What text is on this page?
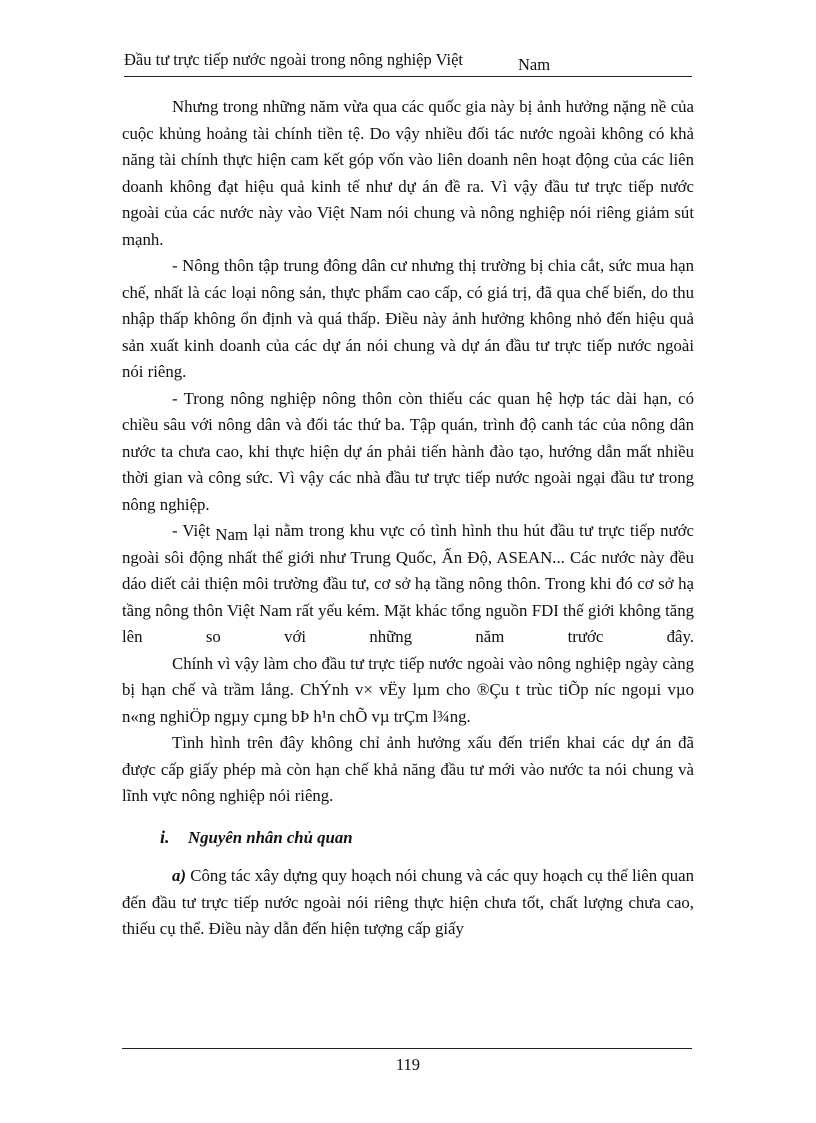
Đầu tư trực tiếp nước ngoài trong nông nghiệp Việt	Nam

Nhưng trong những năm vừa qua các quốc gia này bị ảnh hưởng nặng nề của cuộc khủng hoảng tài chính tiền tệ. Do vậy nhiều đối tác nước ngoài không có khả năng tài chính thực hiện cam kết góp vốn vào liên doanh nên hoạt động của các liên doanh không đạt hiệu quả kinh tế như dự án đề ra. Vì vậy đầu tư trực tiếp nước ngoài của các nước này vào Việt Nam nói chung và nông nghiệp nói riêng giảm sút mạnh.

- Nông thôn tập trung đông dân cư nhưng thị trường bị chia cắt, sức mua hạn chế, nhất là các loại nông sản, thực phẩm cao cấp, có giá trị, đã qua chế biến, do thu nhập thấp không ổn định và quá thấp. Điều này ảnh hưởng không nhỏ đến hiệu quả sản xuất kinh doanh của các dự án nói chung và dự án đầu tư trực tiếp nước ngoài nói riêng.

- Trong nông nghiệp nông thôn còn thiếu các quan hệ hợp tác dài hạn, có chiều sâu với nông dân và đối tác thứ ba. Tập quán, trình độ canh tác của nông dân nước ta chưa cao, khi thực hiện dự án phải tiến hành đào tạo, hướng dẫn mất nhiều thời gian và công sức. Vì vậy các nhà đầu tư trực tiếp nước ngoài ngại đầu tư trong nông nghiệp.

- Việt Nam lại nằm trong khu vực có tình hình thu hút đầu tư trực tiếp nước ngoài sôi động nhất thế giới như Trung Quốc, Ấn Độ, ASEAN... Các nước này đều dáo diết cải thiện môi trường đầu tư, cơ sở hạ tầng nông thôn. Trong khi đó cơ sở hạ tầng nông thôn Việt Nam rất yếu kém. Mặt khác tổng nguồn FDI thế giới không tăng lên so với những năm trước đây.

Chính vì vậy làm cho đầu tư trực tiếp nước ngoài vào nông nghiệp ngày càng bị hạn chế và trầm lắng. ChÝnh v× vËy lµm cho ®Çu t trùc tiÕp níc ngoµi vµo n«ng nghiÖp ngµy cµng bÞ h¹n chÕ vµ trÇm l¾ng.

Tình hình trên đây không chỉ ảnh hưởng xấu đến triển khai các dự án đã được cấp giấy phép mà còn hạn chế khả năng đầu tư mới vào nước ta nói chung và lĩnh vực nông nghiệp nói riêng.

i. Nguyên nhân chủ quan

a) Công tác xây dựng quy hoạch nói chung và các quy hoạch cụ thể liên quan đến đầu tư trực tiếp nước ngoài nói riêng thực hiện chưa tốt, chất lượng chưa cao, thiếu cụ thể. Điều này dẫn đến hiện tượng cấp giấy

119
